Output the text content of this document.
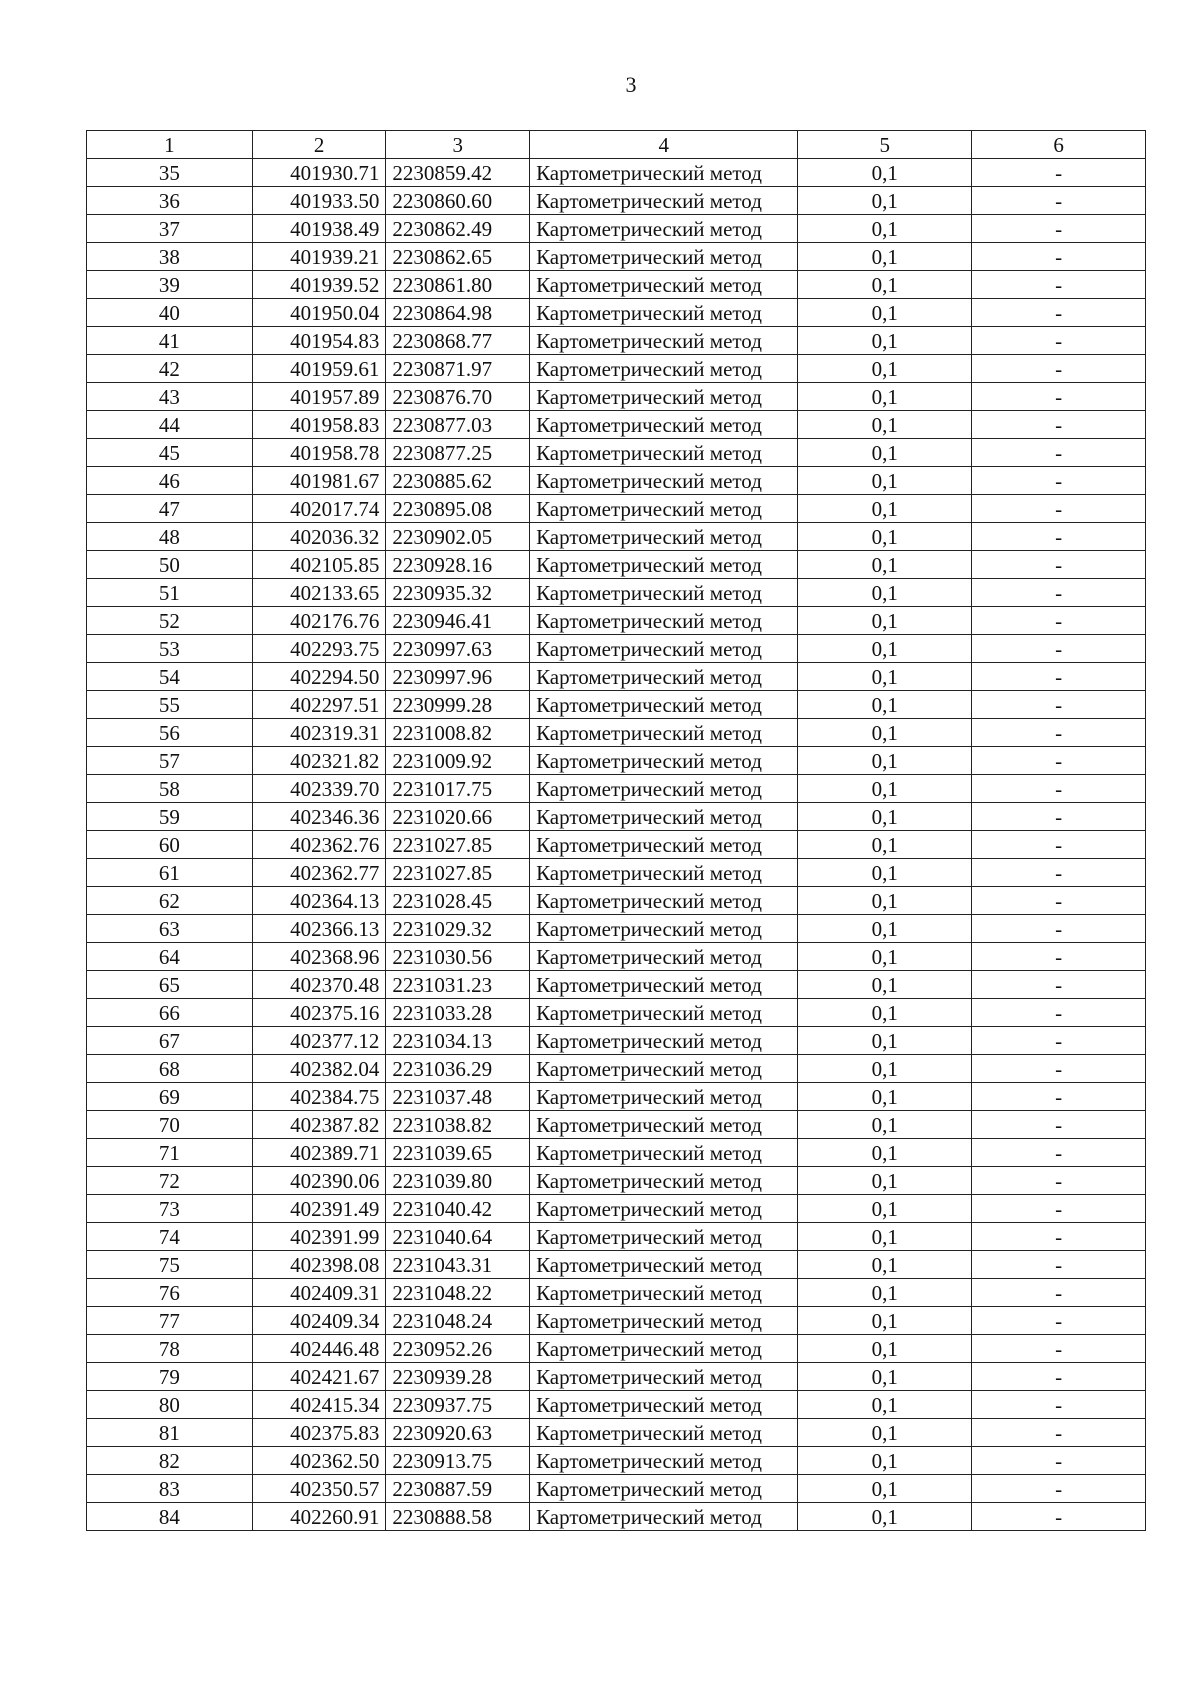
3
1	2	3	4	5	6
35	401930.71	2230859.42	Картометрический метод	0,1	-
36	401933.50	2230860.60	Картометрический метод	0,1	-
37	401938.49	2230862.49	Картометрический метод	0,1	-
38	401939.21	2230862.65	Картометрический метод	0,1	-
39	401939.52	2230861.80	Картометрический метод	0,1	-
40	401950.04	2230864.98	Картометрический метод	0,1	-
41	401954.83	2230868.77	Картометрический метод	0,1	-
42	401959.61	2230871.97	Картометрический метод	0,1	-
43	401957.89	2230876.70	Картометрический метод	0,1	-
44	401958.83	2230877.03	Картометрический метод	0,1	-
45	401958.78	2230877.25	Картометрический метод	0,1	-
46	401981.67	2230885.62	Картометрический метод	0,1	-
47	402017.74	2230895.08	Картометрический метод	0,1	-
48	402036.32	2230902.05	Картометрический метод	0,1	-
50	402105.85	2230928.16	Картометрический метод	0,1	-
51	402133.65	2230935.32	Картометрический метод	0,1	-
52	402176.76	2230946.41	Картометрический метод	0,1	-
53	402293.75	2230997.63	Картометрический метод	0,1	-
54	402294.50	2230997.96	Картометрический метод	0,1	-
55	402297.51	2230999.28	Картометрический метод	0,1	-
56	402319.31	2231008.82	Картометрический метод	0,1	-
57	402321.82	2231009.92	Картометрический метод	0,1	-
58	402339.70	2231017.75	Картометрический метод	0,1	-
59	402346.36	2231020.66	Картометрический метод	0,1	-
60	402362.76	2231027.85	Картометрический метод	0,1	-
61	402362.77	2231027.85	Картометрический метод	0,1	-
62	402364.13	2231028.45	Картометрический метод	0,1	-
63	402366.13	2231029.32	Картометрический метод	0,1	-
64	402368.96	2231030.56	Картометрический метод	0,1	-
65	402370.48	2231031.23	Картометрический метод	0,1	-
66	402375.16	2231033.28	Картометрический метод	0,1	-
67	402377.12	2231034.13	Картометрический метод	0,1	-
68	402382.04	2231036.29	Картометрический метод	0,1	-
69	402384.75	2231037.48	Картометрический метод	0,1	-
70	402387.82	2231038.82	Картометрический метод	0,1	-
71	402389.71	2231039.65	Картометрический метод	0,1	-
72	402390.06	2231039.80	Картометрический метод	0,1	-
73	402391.49	2231040.42	Картометрический метод	0,1	-
74	402391.99	2231040.64	Картометрический метод	0,1	-
75	402398.08	2231043.31	Картометрический метод	0,1	-
76	402409.31	2231048.22	Картометрический метод	0,1	-
77	402409.34	2231048.24	Картометрический метод	0,1	-
78	402446.48	2230952.26	Картометрический метод	0,1	-
79	402421.67	2230939.28	Картометрический метод	0,1	-
80	402415.34	2230937.75	Картометрический метод	0,1	-
81	402375.83	2230920.63	Картометрический метод	0,1	-
82	402362.50	2230913.75	Картометрический метод	0,1	-
83	402350.57	2230887.59	Картометрический метод	0,1	-
84	402260.91	2230888.58	Картометрический метод	0,1	-
